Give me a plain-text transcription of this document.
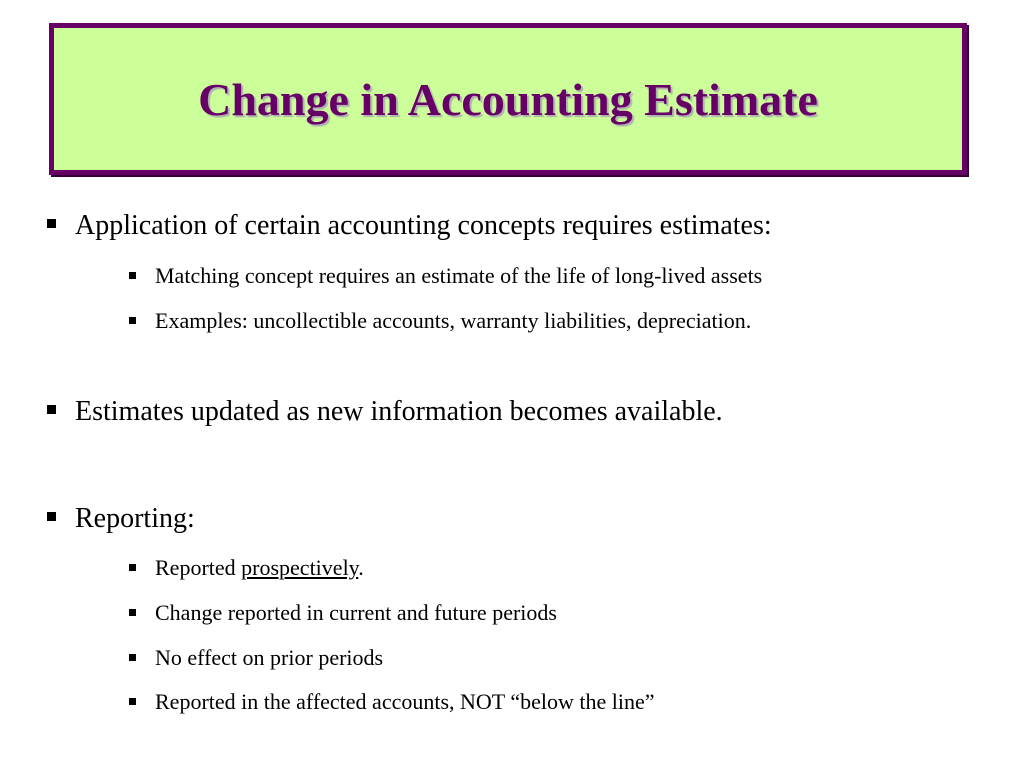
Change in Accounting Estimate
Application of certain accounting concepts requires estimates:
Matching concept requires an estimate of the life of long-lived assets
Examples: uncollectible accounts, warranty liabilities, depreciation.
Estimates updated as new information becomes available.
Reporting:
Reported prospectively.
Change reported in current and future periods
No effect on prior periods
Reported in the affected accounts, NOT “below the line”
